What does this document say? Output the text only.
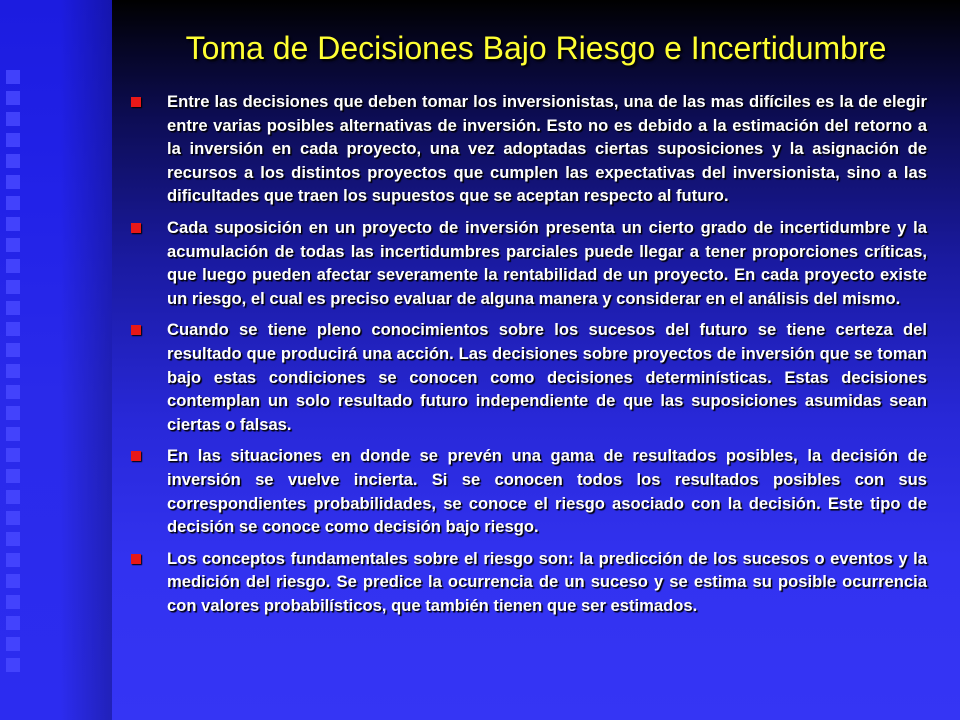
Toma de Decisiones Bajo Riesgo e Incertidumbre
Entre las decisiones que deben tomar los inversionistas, una de las mas difíciles es la de elegir entre varias posibles alternativas de inversión. Esto no es debido a la estimación del retorno a la inversión en cada proyecto, una vez adoptadas ciertas suposiciones y la asignación de recursos a los distintos proyectos que cumplen las expectativas del inversionista, sino a las dificultades que traen los supuestos que se aceptan respecto al futuro.
Cada suposición en un proyecto de inversión presenta un cierto grado de incertidumbre y la acumulación de todas las incertidumbres parciales puede llegar a tener proporciones críticas, que luego pueden afectar severamente la rentabilidad de un proyecto. En cada proyecto existe un riesgo, el cual es preciso evaluar de alguna manera y considerar en el análisis del mismo.
Cuando se tiene pleno conocimientos sobre los sucesos del futuro se tiene certeza del resultado que producirá una acción. Las decisiones sobre proyectos de inversión que se toman bajo estas condiciones se conocen como decisiones determinísticas. Estas decisiones contemplan un solo resultado futuro independiente de que las suposiciones asumidas sean ciertas o falsas.
En las situaciones en donde se prevén una gama de resultados posibles, la decisión de inversión se vuelve incierta. Si se conocen todos los resultados posibles con sus correspondientes probabilidades, se conoce el riesgo asociado con la decisión. Este tipo de decisión se conoce como decisión bajo riesgo.
Los conceptos fundamentales sobre el riesgo son: la predicción de los sucesos o eventos y la medición del riesgo. Se predice la ocurrencia de un suceso y se estima su posible ocurrencia con valores probabilísticos, que también tienen que ser estimados.
